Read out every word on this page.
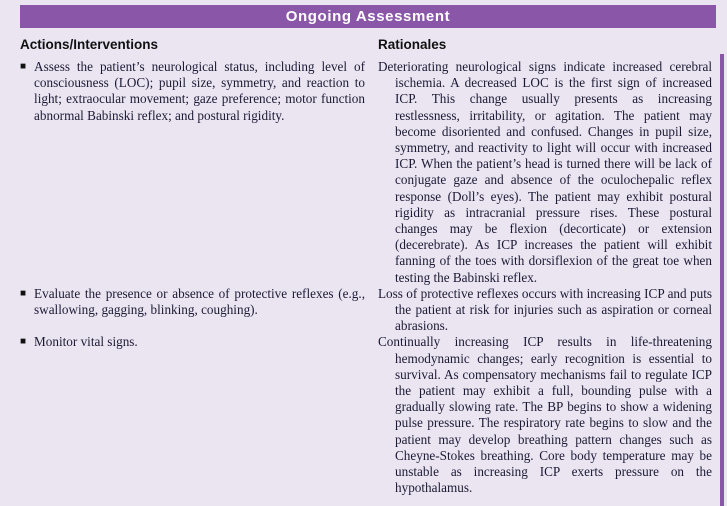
Ongoing Assessment
Actions/Interventions	Rationales
■ Assess the patient’s neurological status, including level of consciousness (LOC); pupil size, symmetry, and reaction to light; extraocular movement; gaze preference; motor function abnormal Babinski reflex; and postural rigidity.

Deteriorating neurological signs indicate increased cerebral ischemia. A decreased LOC is the first sign of increased ICP. This change usually presents as increasing restlessness, irritability, or agitation. The patient may become disoriented and confused. Changes in pupil size, symmetry, and reactivity to light will occur with increased ICP. When the patient’s head is turned there will be lack of conjugate gaze and absence of the oculochepalic reflex response (Doll’s eyes). The patient may exhibit postural rigidity as intracranial pressure rises. These postural changes may be flexion (decorticate) or extension (decerebrate). As ICP increases the patient will exhibit fanning of the toes with dorsiflexion of the great toe when testing the Babinski reflex.

■ Evaluate the presence or absence of protective reflexes (e.g., swallowing, gagging, blinking, coughing).

Loss of protective reflexes occurs with increasing ICP and puts the patient at risk for injuries such as aspiration or corneal abrasions.

■ Monitor vital signs.	Continually increasing ICP results in life-threatening hemodynamic changes; early recognition is essential to survival. As compensatory mechanisms fail to regulate ICP the patient may exhibit a full, bounding pulse with a gradually slowing rate. The BP begins to show a widening pulse pressure. The respiratory rate begins to slow and the patient may develop breathing pattern changes such as Cheyne-Stokes breathing. Core body temperature may be unstable as increasing ICP exerts pressure on the hypothalamus.
